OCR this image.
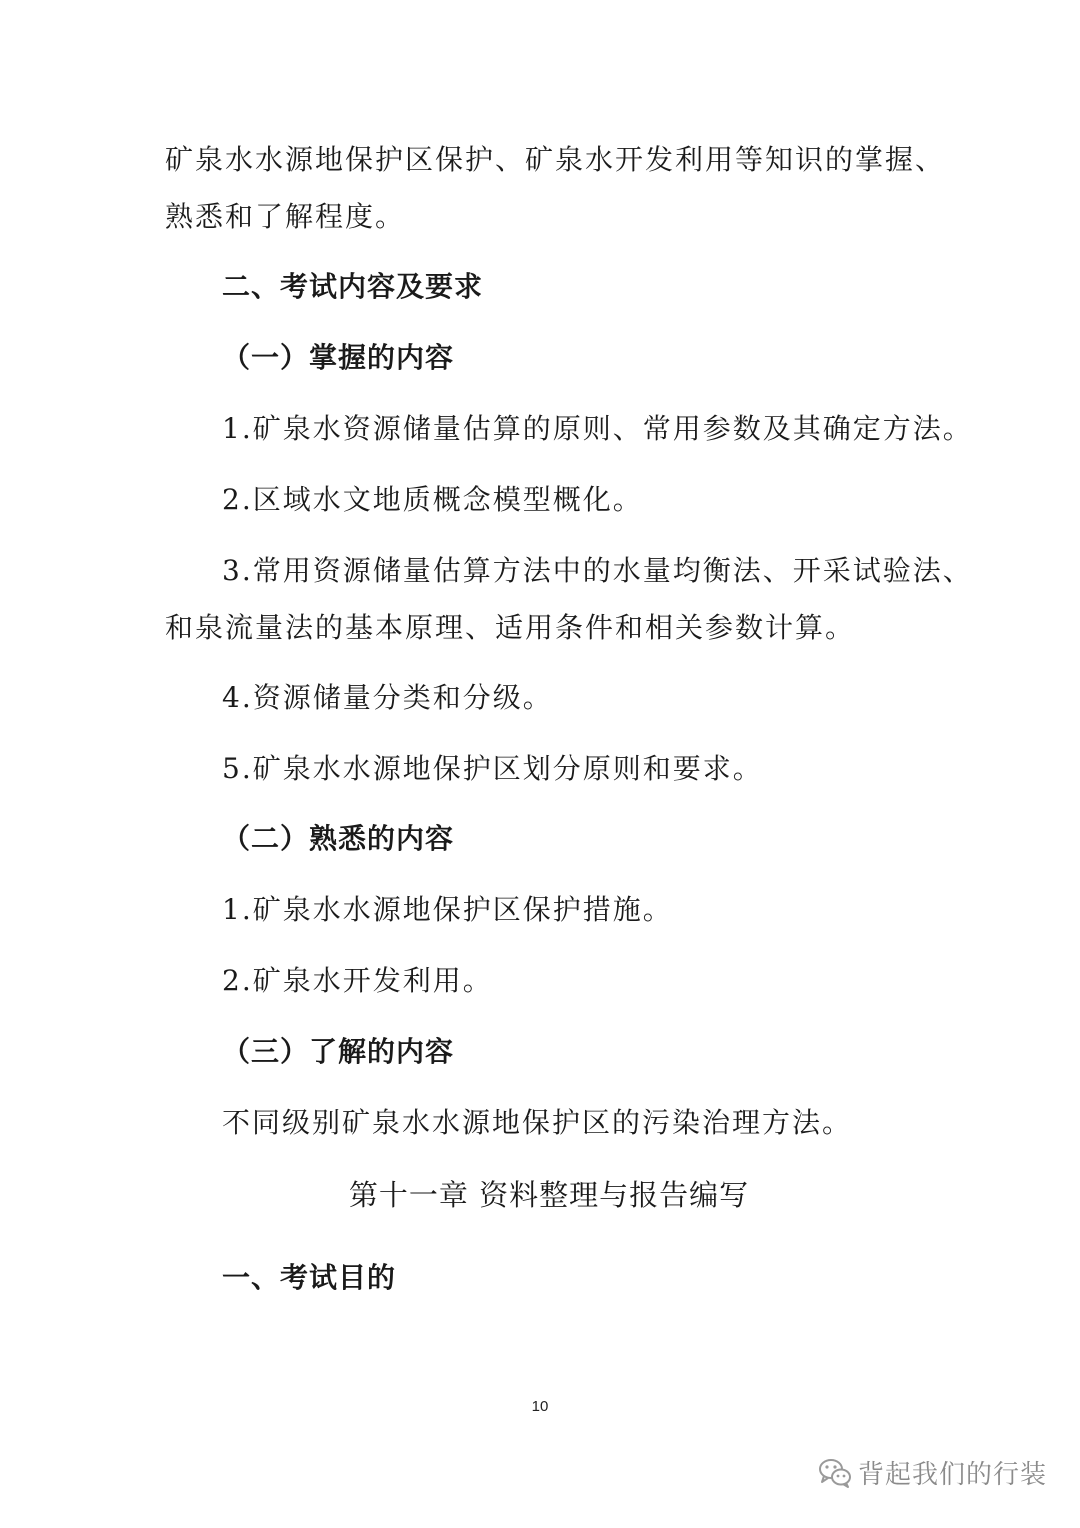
矿泉水水源地保护区保护、矿泉水开发利用等知识的掌握、
熟悉和了解程度。
二、考试内容及要求
（一）掌握的内容
1.矿泉水资源储量估算的原则、常用参数及其确定方法。
2.区域水文地质概念模型概化。
3.常用资源储量估算方法中的水量均衡法、开采试验法、
和泉流量法的基本原理、适用条件和相关参数计算。
4.资源储量分类和分级。
5.矿泉水水源地保护区划分原则和要求。
（二）熟悉的内容
1.矿泉水水源地保护区保护措施。
2.矿泉水开发利用。
（三）了解的内容
不同级别矿泉水水源地保护区的污染治理方法。
第十一章 资料整理与报告编写
一、考试目的
10
背起我们的行装
